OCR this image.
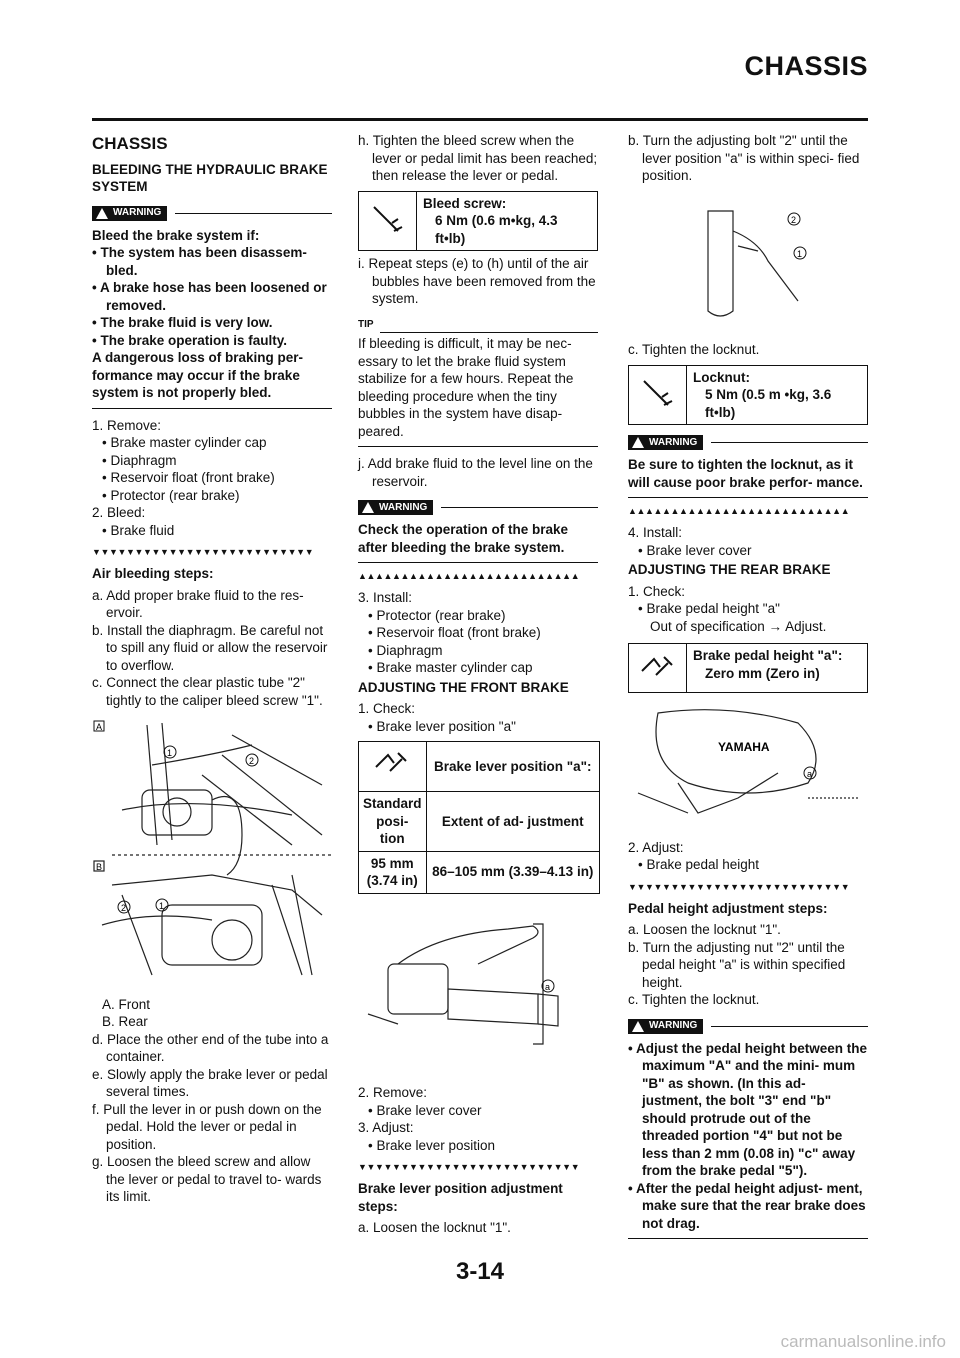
CHASSIS
CHASSIS
BLEEDING THE HYDRAULIC BRAKE SYSTEM
WARNING

Bleed the brake system if:

• The system has been disassem- bled.

• A brake hose has been loosened or removed.

• The brake fluid is very low.

• The brake operation is faulty.

A dangerous loss of braking per- formance may occur if the brake system is not properly bled.

1. Remove:

• Brake master cylinder cap

• Diaphragm

• Reservoir float (front brake)

• Protector (rear brake)

2. Bleed:

• Brake fluid

▼▼▼▼▼▼▼▼▼▼▼▼▼▼▼▼▼▼▼▼▼▼▼▼▼▼
Air bleeding steps:

a. Add proper brake fluid to the res- ervoir.

b. Install the diaphragm. Be careful not to spill any fluid or allow the reservoir to overflow.

c. Connect the clear plastic tube "2" tightly to the caliper bleed screw "1".

A
B
1
2
1
2

A. Front

B. Rear

d. Place the other end of the tube into a container.

e. Slowly apply the brake lever or pedal several times.

f. Pull the lever in or push down on the pedal. Hold the lever or pedal in position.

g. Loosen the bleed screw and allow the lever or pedal to travel to- wards its limit.

h. Tighten the bleed screw when the lever or pedal limit has been reached; then release the lever or pedal.

Bleed screw:

6 Nm (0.6 m•kg, 4.3 ft•lb)

i. Repeat steps (e) to (h) until of the air bubbles have been removed from the system.

TIP
If bleeding is difficult, it may be nec- essary to let the brake fluid system stabilize for a few hours. Repeat the bleeding procedure when the tiny bubbles in the system have disap- peared.

j. Add brake fluid to the level line on the reservoir.

WARNING
Check the operation of the brake after bleeding the brake system.
▲▲▲▲▲▲▲▲▲▲▲▲▲▲▲▲▲▲▲▲▲▲▲▲▲▲

3. Install:

• Protector (rear brake)

• Reservoir float (front brake)

• Diaphragm

• Brake master cylinder cap

ADJUSTING THE FRONT BRAKE

1. Check:

• Brake lever position "a"

	Brake lever position "a":
Standard posi- tion	Extent of ad- justment
95 mm (3.74 in)	86–105 mm (3.39–4.13 in)
a

2. Remove:

• Brake lever cover

3. Adjust:

• Brake lever position

▼▼▼▼▼▼▼▼▼▼▼▼▼▼▼▼▼▼▼▼▼▼▼▼▼▼
Brake lever position adjustment steps:

a. Loosen the locknut "1".

b. Turn the adjusting bolt "2" until the lever position "a" is within speci- fied position.

2
1

c. Tighten the locknut.

Locknut:

5 Nm (0.5 m •kg, 3.6 ft•lb)

WARNING
Be sure to tighten the locknut, as it will cause poor brake perfor- mance.
▲▲▲▲▲▲▲▲▲▲▲▲▲▲▲▲▲▲▲▲▲▲▲▲▲▲

4. Install:

• Brake lever cover

ADJUSTING THE REAR BRAKE

1. Check:

• Brake pedal height "a"

Out of specification → Adjust.

Brake pedal height "a":

Zero mm (Zero in)

YAMAHA
a

2. Adjust:

• Brake pedal height

▼▼▼▼▼▼▼▼▼▼▼▼▼▼▼▼▼▼▼▼▼▼▼▼▼▼
Pedal height adjustment steps:

a. Loosen the locknut "1".

b. Turn the adjusting nut "2" until the pedal height "a" is within specified height.

c. Tighten the locknut.

WARNING

• Adjust the pedal height between the maximum "A" and the mini- mum "B" as shown. (In this ad- justment, the bolt "3" end "b" should protrude out of the threaded portion "4" but not be less than 2 mm (0.08 in) "c" away from the brake pedal "5").

• After the pedal height adjust- ment, make sure that the rear brake does not drag.

3-14
carmanualsonline.info
